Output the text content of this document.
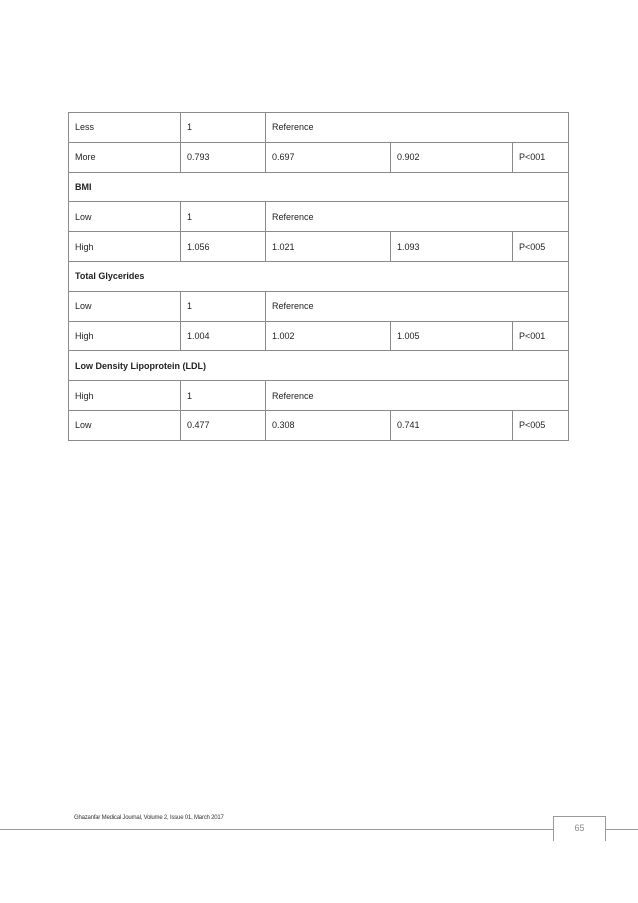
Less	1	Reference		
More	0.793	0.697	0.902	P<001
BMI				
Low	1	Reference		
High	1.056	1.021	1.093	P<005
Total Glycerides				
Low	1	Reference		
High	1.004	1.002	1.005	P<001
Low Density Lipoprotein (LDL)				
High	1	Reference		
Low	0.477	0.308	0.741	P<005
Ghazanfar Medical Journal, Volume 2, Issue 01, March 2017
65
